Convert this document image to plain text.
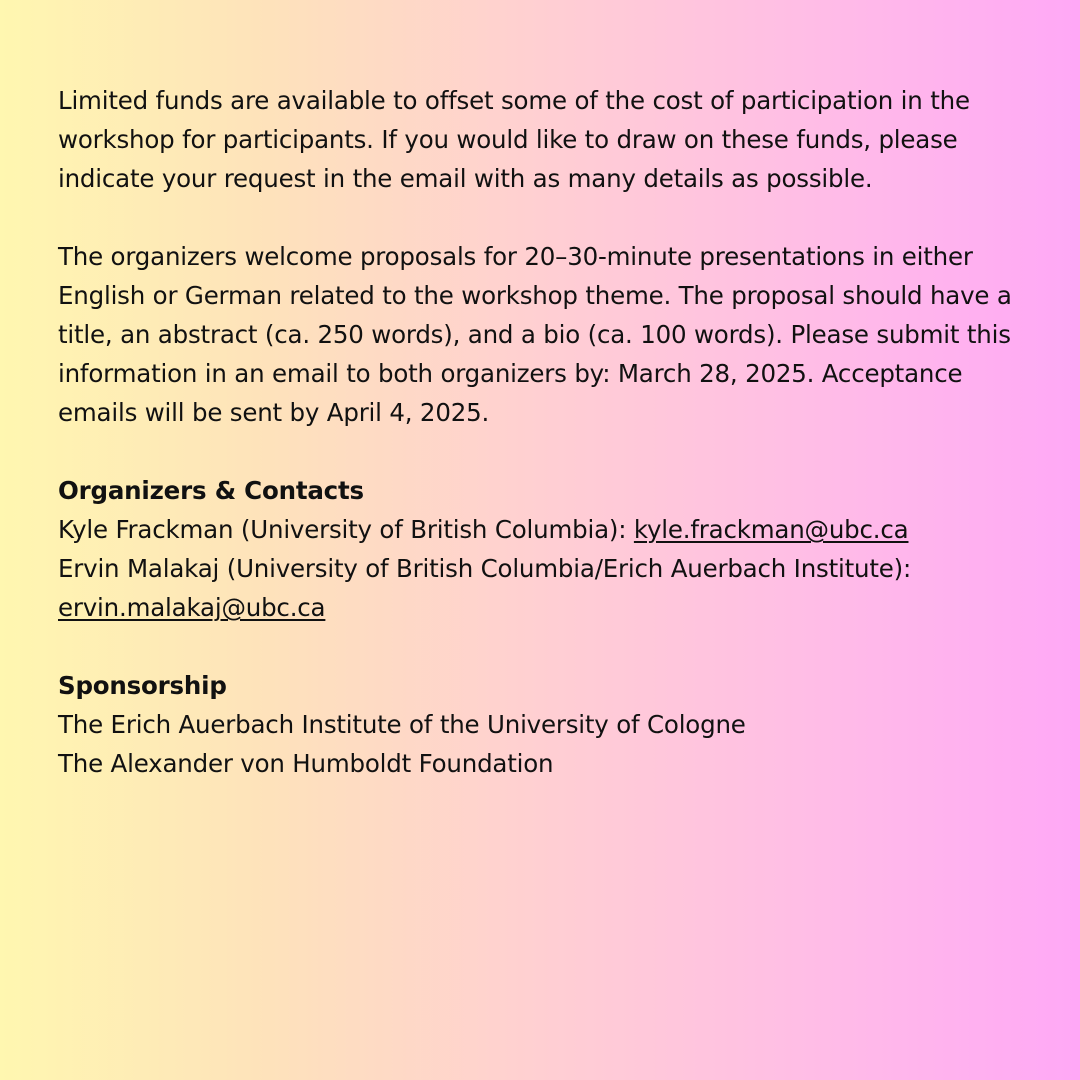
Limited funds are available to offset some of the cost of participation in the workshop for participants. If you would like to draw on these funds, please indicate your request in the email with as many details as possible.

The organizers welcome proposals for 20–30-minute presentations in either English or German related to the workshop theme. The proposal should have a title, an abstract (ca. 250 words), and a bio (ca. 100 words). Please submit this information in an email to both organizers by: March 28, 2025. Acceptance emails will be sent by April 4, 2025.

Organizers & Contacts
Kyle Frackman (University of British Columbia): kyle.frackman@ubc.ca
Ervin Malakaj (University of British Columbia/Erich Auerbach Institute):
ervin.malakaj@ubc.ca
Sponsorship
The Erich Auerbach Institute of the University of Cologne
The Alexander von Humboldt Foundation
